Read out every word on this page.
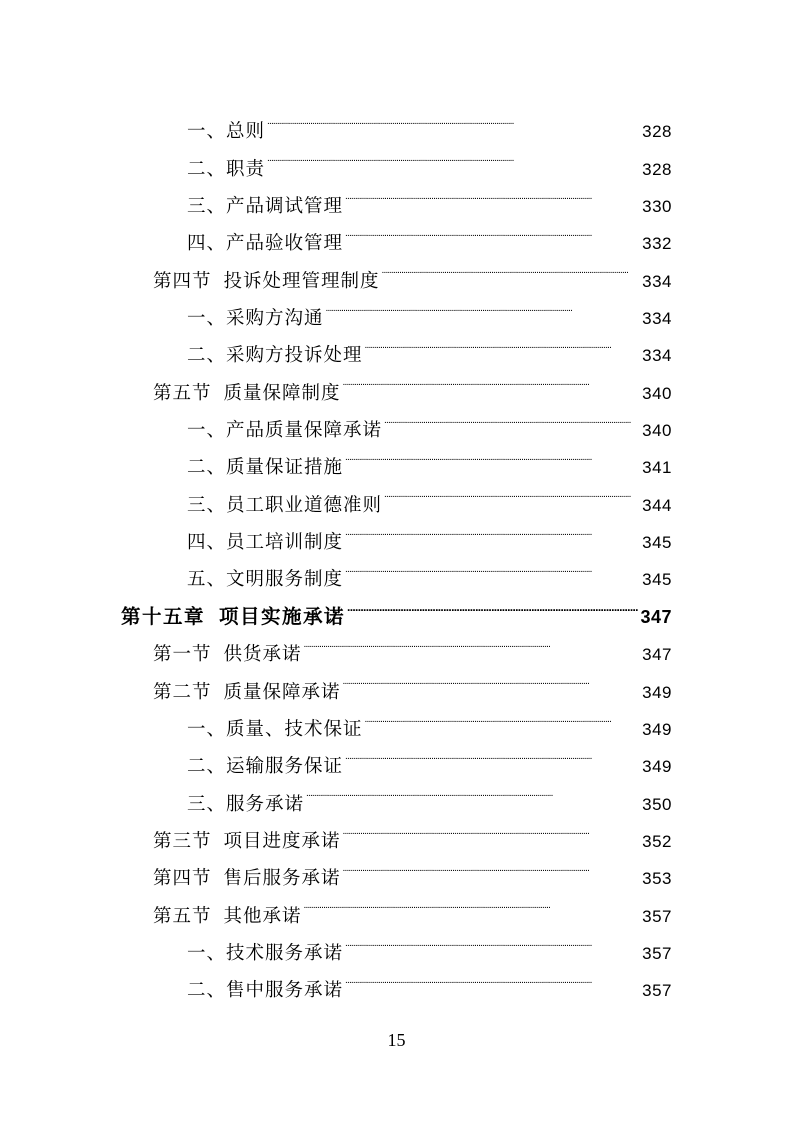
一、 总则 . . .	328
二、 职责 . . .	328
三、 产品调试管理 . . .	330
四、 产品验收管理 . . .	332
第四节 投诉处理管理制度 . . .	334
一、 采购方沟通 . . .	334
二、 采购方投诉处理 . . .	334
第五节 质量保障制度 . . .	340
一、 产品质量保障承诺 . . .	340
二、 质量保证措施 . . .	341
三、 员工职业道德准则 . . .	344
四、 员工培训制度 . . .	345
五、 文明服务制度 . . .	345
第十五章 项目实施承诺 . . .	347
第一节 供货承诺 . . .	347
第二节 质量保障承诺 . . .	349
一、 质量、技术保证 . . .	349
二、 运输服务保证 . . .	349
三、 服务承诺 . . .	350
第三节 项目进度承诺 . . .	352
第四节 售后服务承诺 . . .	353
第五节 其他承诺 . . .	357
一、 技术服务承诺 . . .	357
二、 售中服务承诺 . . .	357
15
